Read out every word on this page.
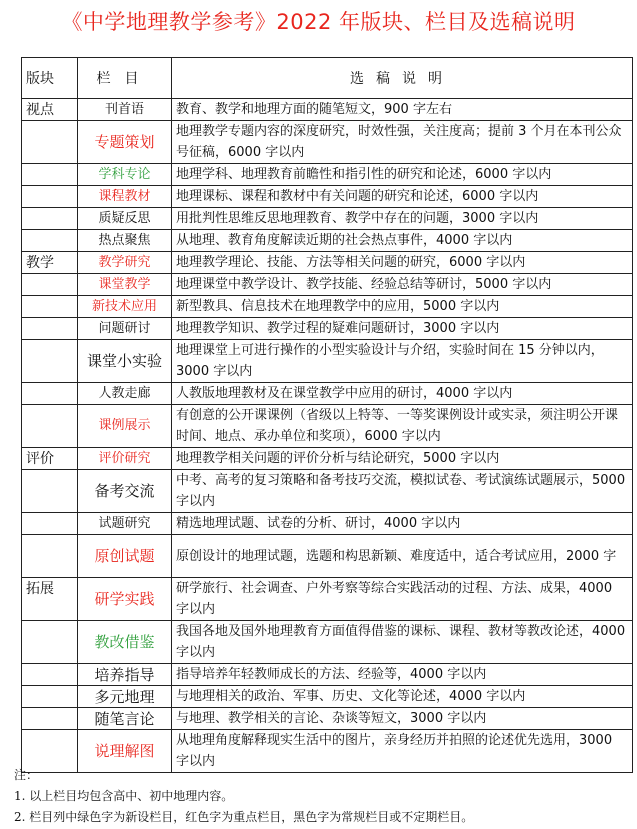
《中学地理教学参考》2022 年版块、栏目及选稿说明
版块	栏目	选稿说明
视点	刊首语	教育、教学和地理方面的随笔短文，900 字左右
	专题策划	地理教学专题内容的深度研究，时效性强，关注度高；提前 3 个月在本刊公众号征稿，6000 字以内
	学科专论	地理学科、地理教育前瞻性和指引性的研究和论述，6000 字以内
	课程教材	地理课标、课程和教材中有关问题的研究和论述，6000 字以内
	质疑反思	用批判性思维反思地理教育、教学中存在的问题，3000 字以内
	热点聚焦	从地理、教育角度解读近期的社会热点事件，4000 字以内
教学	教学研究	地理教学理论、技能、方法等相关问题的研究，6000 字以内
	课堂教学	地理课堂中教学设计、教学技能、经验总结等研讨，5000 字以内
	新技术应用	新型教具、信息技术在地理教学中的应用，5000 字以内
	问题研讨	地理教学知识、教学过程的疑难问题研讨，3000 字以内
	课堂小实验	地理课堂上可进行操作的小型实验设计与介绍，实验时间在 15 分钟以内，3000 字以内
	人教走廊	人教版地理教材及在课堂教学中应用的研讨，4000 字以内
	课例展示	有创意的公开课课例（省级以上特等、一等奖课例设计或实录，须注明公开课时间、地点、承办单位和奖项），6000 字以内
评价	评价研究	地理教学相关问题的评价分析与结论研究，5000 字以内
	备考交流	中考、高考的复习策略和备考技巧交流，模拟试卷、考试演练试题展示，5000 字以内
	试题研究	精选地理试题、试卷的分析、研讨，4000 字以内
	原创试题	原创设计的地理试题，选题和构思新颖、难度适中，适合考试应用，2000 字
拓展	研学实践	研学旅行、社会调查、户外考察等综合实践活动的过程、方法、成果，4000 字以内
	教改借鉴	我国各地及国外地理教育方面值得借鉴的课标、课程、教材等教改论述，4000 字以内
	培养指导	指导培养年轻教师成长的方法、经验等，4000 字以内
	多元地理	与地理相关的政治、军事、历史、文化等论述，4000 字以内
	随笔言论	与地理、教学相关的言论、杂谈等短文，3000 字以内
	说理解图	从地理角度解释现实生活中的图片，亲身经历并拍照的论述优先选用，3000 字以内
注：
1. 以上栏目均包含高中、初中地理内容。
2. 栏目列中绿色字为新设栏目，红色字为重点栏目，黑色字为常规栏目或不定期栏目。
